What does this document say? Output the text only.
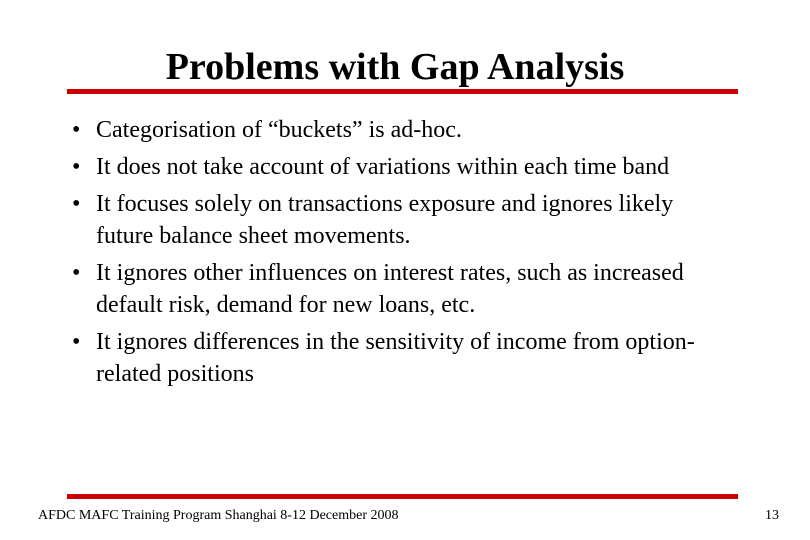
Problems with Gap Analysis
• Categorisation of “buckets” is ad-hoc.
• It does not take account of variations within each time band
• It focuses solely on transactions exposure and ignores likely future balance sheet movements.
• It ignores other influences on interest rates, such as increased default risk, demand for new loans, etc.
• It ignores differences in the sensitivity of income from option-related positions
AFDC MAFC Training Program Shanghai 8-12 December 2008	13
